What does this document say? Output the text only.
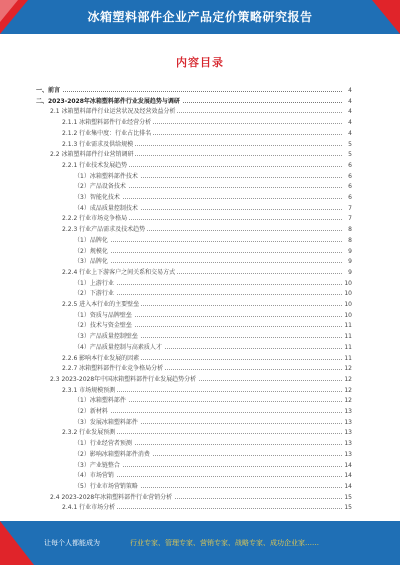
冰箱塑料部件企业产品定价策略研究报告
内容目录
一、前言	4
二、2023-2028年冰箱塑料部件行业发展趋势与调研	4
2.1 冰箱塑料部件行业运营状况及经营效益分析	4
2.1.1 冰箱塑料部件行业经营分析	4
2.1.2 行业集中度：行业占比排名	4
2.1.3 行业需求及供给规模	5
2.2 冰箱塑料部件行业营销调研	5
2.2.1 行业技术发展趋势	6
（1）冰箱塑料部件技术	6
（2）产品设备技术	6
（3）智能化技术	6
（4）成品质量控制技术	7
2.2.2 行业市场竞争格局	7
2.2.3 行业产品需求及技术趋势	8
（1）品牌化	8
（2）规模化	9
（3）品牌化	9
2.2.4 行业上下游客户之间关系和交易方式	9
（1）上游行业	10
（2）下游行业	10
2.2.5 进入本行业的主要壁垒	10
（1）资质与品牌壁垒	10
（2）技术与资金壁垒	11
（3）产品质量控制壁垒	11
（4）产品质量控制与高素质人才	11
2.2.6 影响本行业发展的因素	11
2.2.7 冰箱塑料部件行业竞争格局分析	12
2.3 2023-2028年中国冰箱塑料部件行业发展趋势分析	12
2.3.1 市场规模预测	12
（1）冰箱塑料部件	12
（2）新材料	13
（3）发展冰箱塑料部件	13
2.3.2 行业发展预测	13
（1）行业经营者预测	13
（2）影响冰箱塑料部件消费	13
（3）产业链整合	14
（4）市场营销	14
（5）行业市场营销策略	14
2.4 2023-2028年冰箱塑料部件行业营销分析	15
2.4.1 行业市场分析	15
让每个人都能成为	行业专家、管理专家、营销专家、战略专家、成功企业家……
